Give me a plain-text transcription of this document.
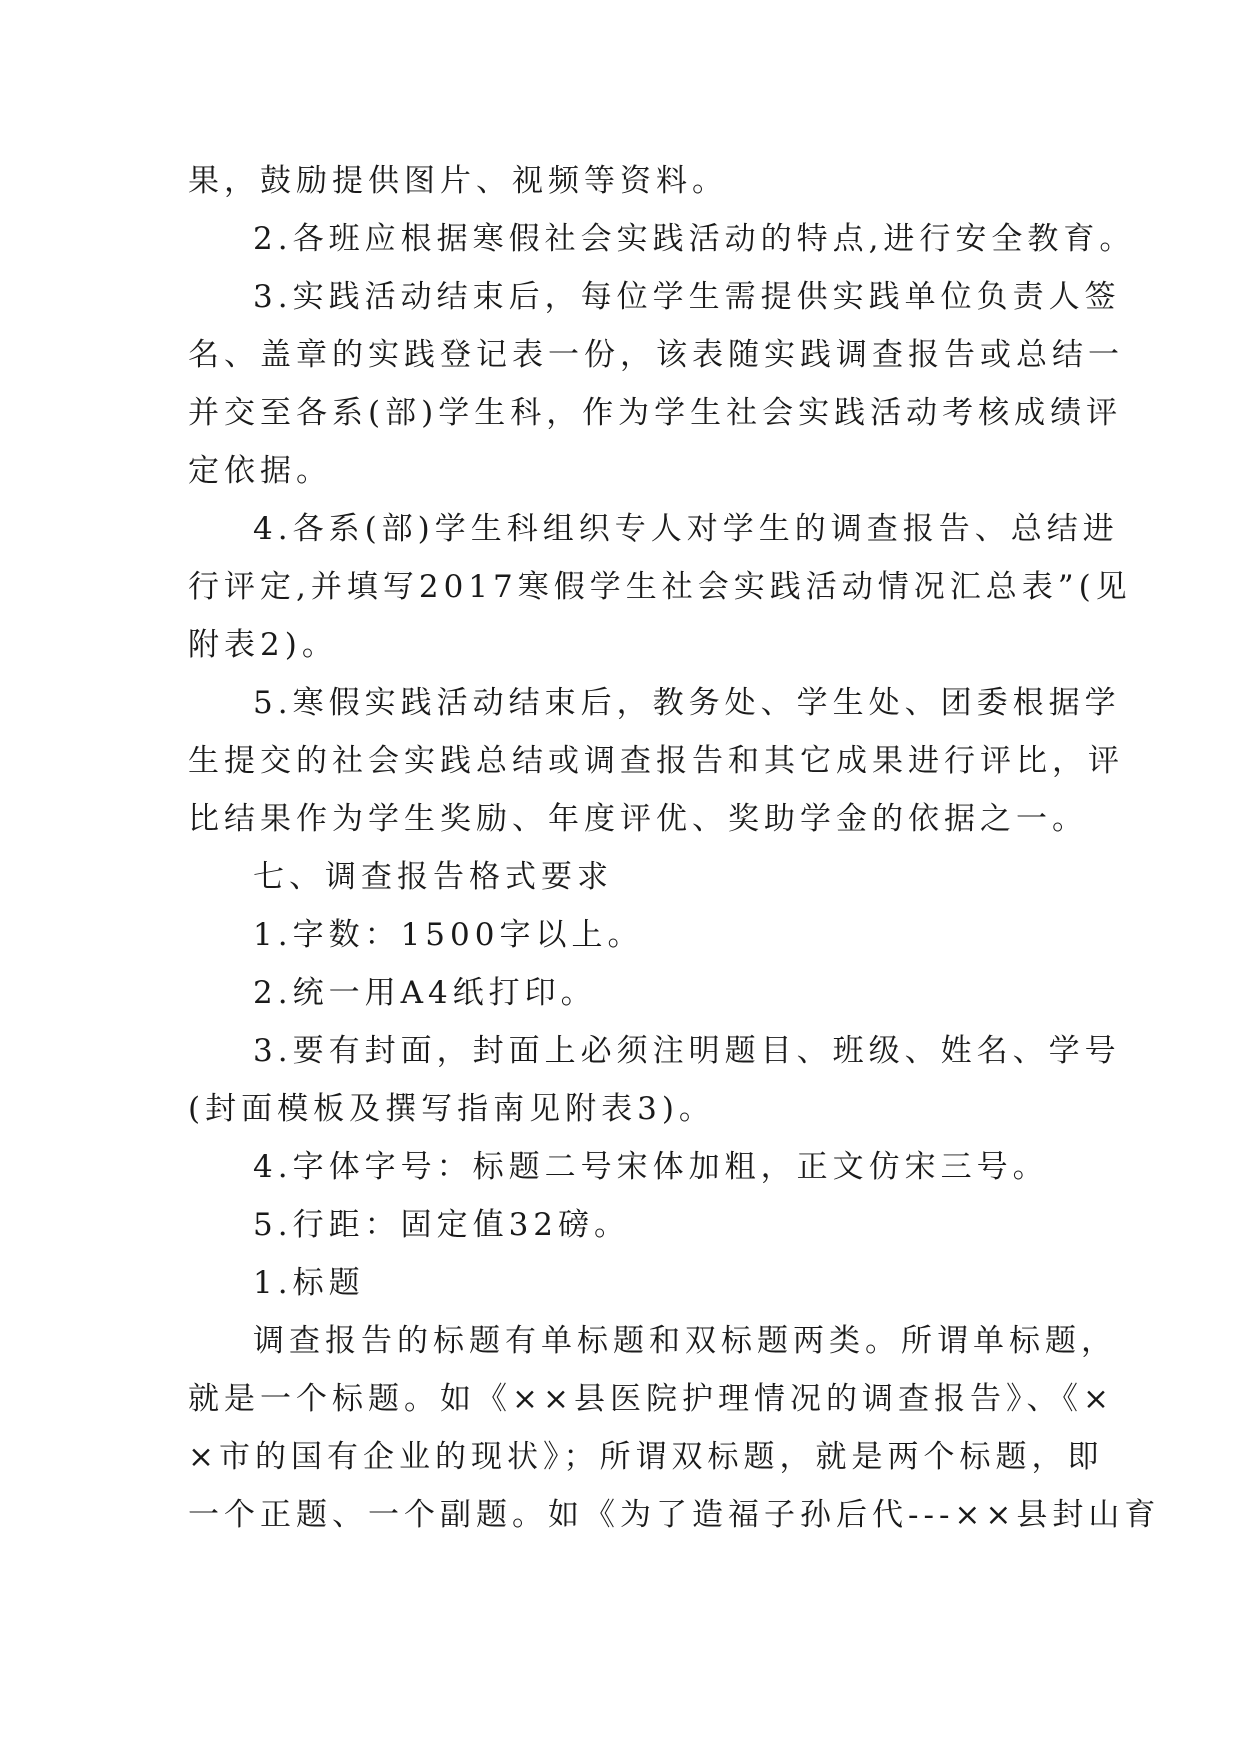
果，鼓励提供图片、视频等资料。
2.各班应根据寒假社会实践活动的特点,进行安全教育。
3.实践活动结束后，每位学生需提供实践单位负责人签
名、盖章的实践登记表一份，该表随实践调查报告或总结一
并交至各系(部)学生科，作为学生社会实践活动考核成绩评
定依据。
4.各系(部)学生科组织专人对学生的调查报告、总结进
行评定,并填写2017寒假学生社会实践活动情况汇总表”(见
附表2)。
5.寒假实践活动结束后，教务处、学生处、团委根据学
生提交的社会实践总结或调查报告和其它成果进行评比，评
比结果作为学生奖励、年度评优、奖助学金的依据之一。
七、调查报告格式要求
1.字数：1500字以上。
2.统一用A4纸打印。
3.要有封面，封面上必须注明题目、班级、姓名、学号
(封面模板及撰写指南见附表3)。
4.字体字号：标题二号宋体加粗，正文仿宋三号。
5.行距：固定值32磅。
1.标题
调查报告的标题有单标题和双标题两类。所谓单标题，
就是一个标题。如《××县医院护理情况的调查报告》、《×
×市的国有企业的现状》；所谓双标题，就是两个标题，即
一个正题、一个副题。如《为了造福子孙后代---××县封山育
